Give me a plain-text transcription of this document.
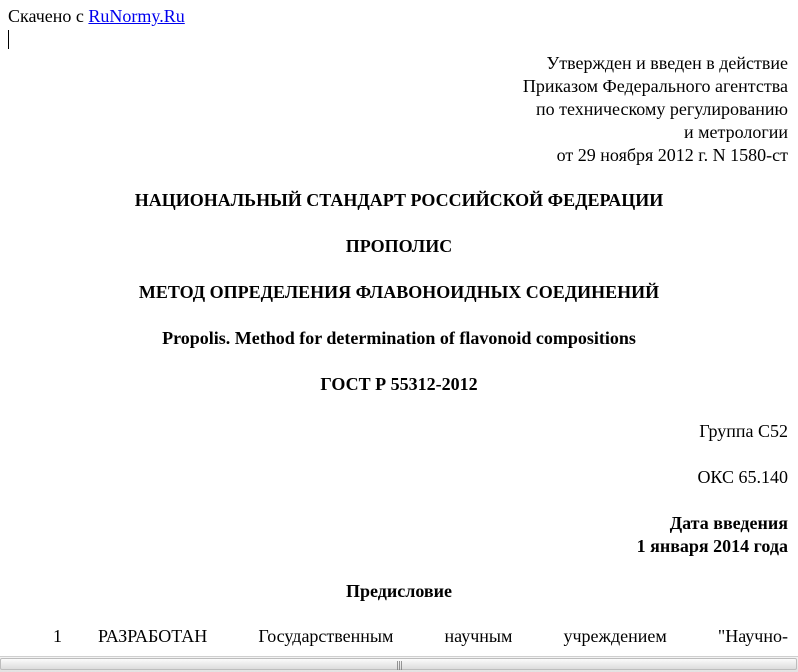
Скачено с RuNormy.Ru
Утвержден и введен в действие
Приказом Федерального агентства
по техническому регулированию
и метрологии
от 29 ноября 2012 г. N 1580-ст
НАЦИОНАЛЬНЫЙ СТАНДАРТ РОССИЙСКОЙ ФЕДЕРАЦИИ
ПРОПОЛИС
МЕТОД ОПРЕДЕЛЕНИЯ ФЛАВОНОИДНЫХ СОЕДИНЕНИЙ
Propolis. Method for determination of flavonoid compositions
ГОСТ Р 55312-2012
Группа С52
ОКС 65.140
Дата введения
1 января 2014 года
Предисловие
1 РАЗРАБОТАН	Государственным	научным	учреждением	"Научно-
|||
